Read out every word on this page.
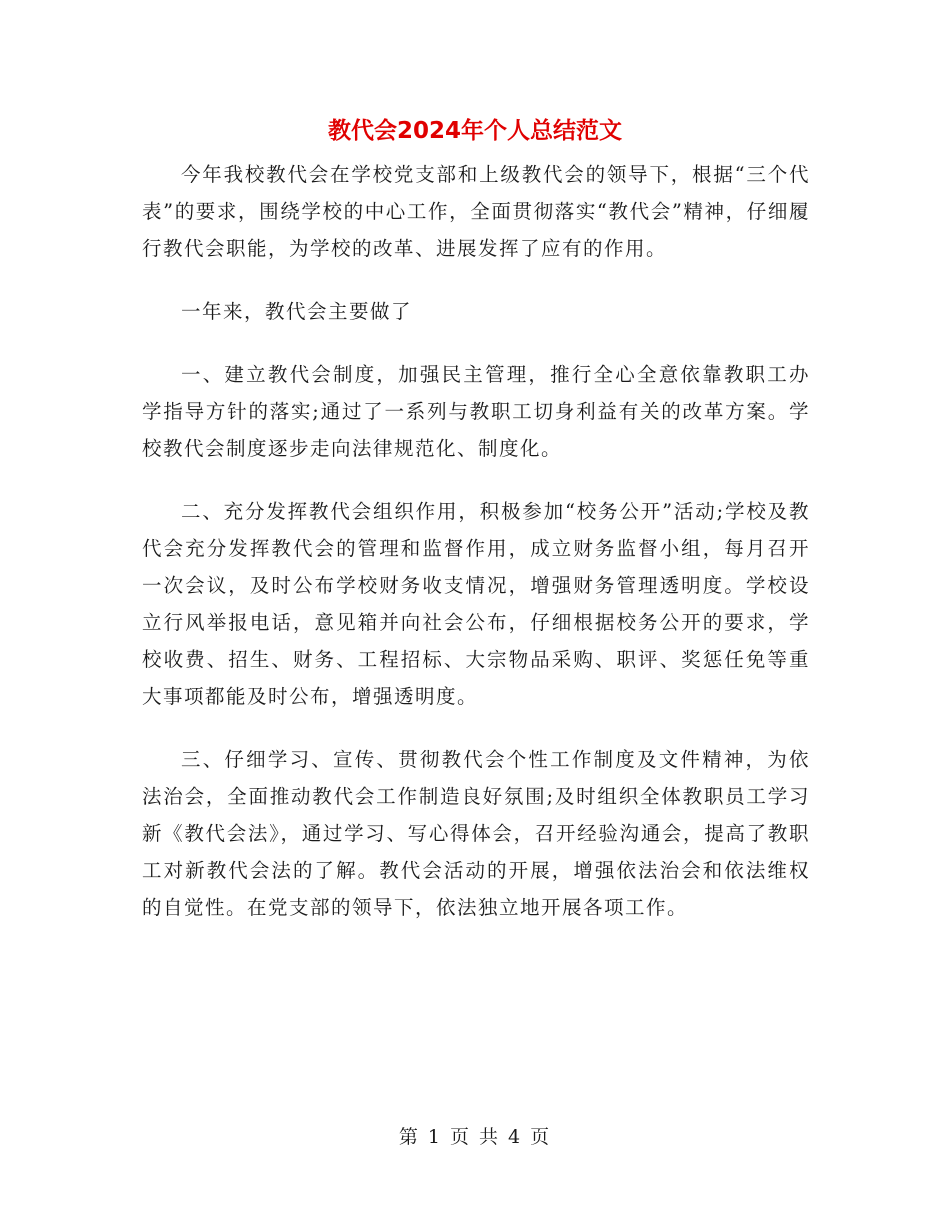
教代会2024年个人总结范文

今年我校教代会在学校党支部和上级教代会的领导下，根据“三个代表”的要求，围绕学校的中心工作，全面贯彻落实“教代会”精神，仔细履行教代会职能，为学校的改革、进展发挥了应有的作用。

一年来，教代会主要做了

一、建立教代会制度，加强民主管理，推行全心全意依靠教职工办学指导方针的落实;通过了一系列与教职工切身利益有关的改革方案。学校教代会制度逐步走向法律规范化、制度化。

二、充分发挥教代会组织作用，积极参加“校务公开”活动;学校及教代会充分发挥教代会的管理和监督作用，成立财务监督小组，每月召开一次会议，及时公布学校财务收支情况，增强财务管理透明度。学校设立行风举报电话，意见箱并向社会公布，仔细根据校务公开的要求，学校收费、招生、财务、工程招标、大宗物品采购、职评、奖惩任免等重大事项都能及时公布，增强透明度。

三、仔细学习、宣传、贯彻教代会个性工作制度及文件精神，为依法治会，全面推动教代会工作制造良好氛围;及时组织全体教职员工学习新《教代会法》，通过学习、写心得体会，召开经验沟通会，提高了教职工对新教代会法的了解。教代会活动的开展，增强依法治会和依法维权的自觉性。在党支部的领导下，依法独立地开展各项工作。

第 1 页 共 4 页
